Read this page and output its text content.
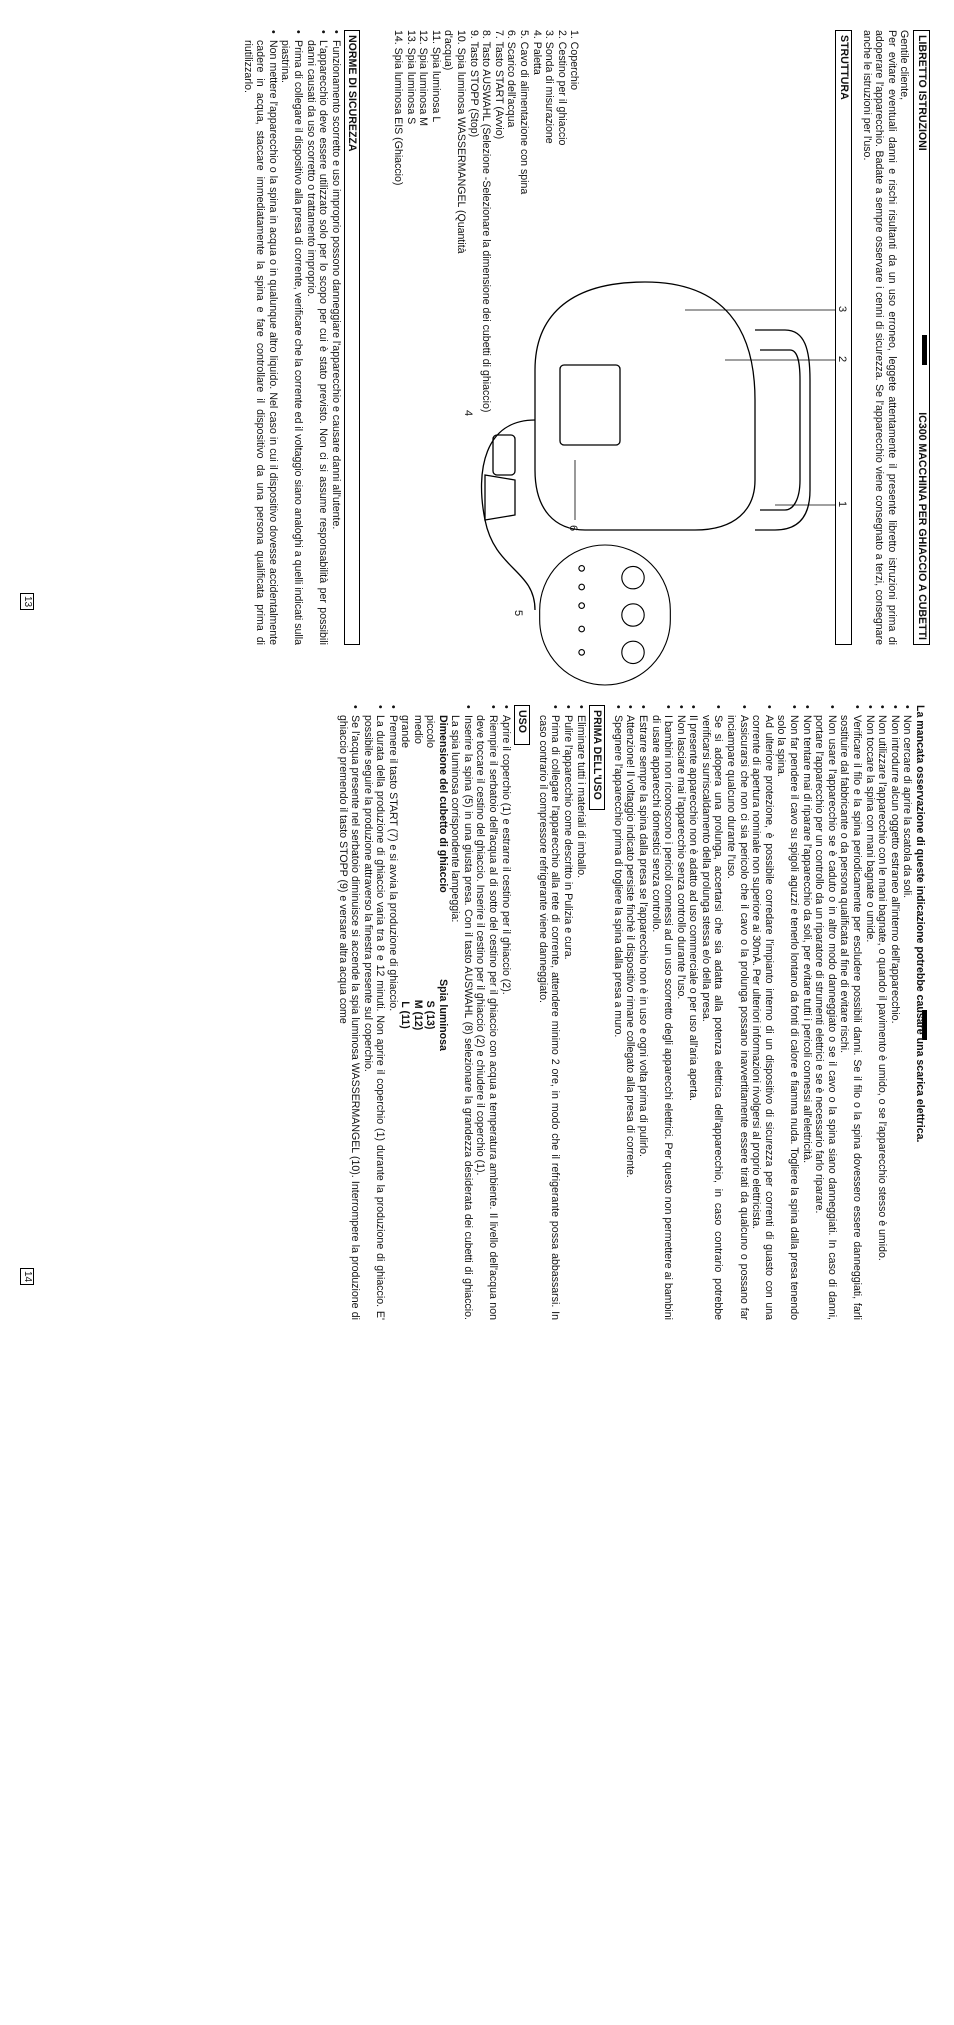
LIBRETTO ISTRUZIONI
IC300 MACCHINA PER GHIACCIO A CUBETTI

Gentile cliente,

Per evitare eventuali danni e rischi risultanti da un uso erroneo, leggete attentamente il presente libretto istruzioni prima di adoperare l'apparecchio. Badate a sempre osservare i cenni di sicurezza. Se l'apparecchio viene consegnato a terzi, consegnare anche le istruzioni per l'uso.

STRUTTURA
1. Coperchio
2. Cestino per il ghiaccio
3. Sonda di misurazione
4. Paletta
5. Cavo di alimentazione con spina
6. Scarico dell'acqua
7. Tasto START (Avvio)
8. Tasto AUSWAHL (Selezione -Selezionare la dimensione dei cubetti di ghiaccio)
9. Tasto STOPP (Stop)
10. Spia luminosa WASSERMANGEL (Quantità d'acqua)
11. Spia luminosa L
12. Spia luminosa M
13. Spia luminosa S
14. Spia luminosa EIS (Ghiaccio)
1
2
3
4
5
6
NORME DI SICUREZZA
• Funzionamento scorretto e uso improprio possono danneggiare l'apparecchio e causare danni all'utente.
• L'apparecchio deve essere utilizzato solo per lo scopo per cui è stato previsto. Non ci si assume responsabilità per possibili danni causati da uso scorretto o trattamento improprio.
• Prima di collegare il dispositivo alla presa di corrente, verificare che la corrente ed il voltaggio siano analoghi a quelli indicati sulla piastrina.
• Non mettere l'apparecchio o la spina in acqua o in qualunque altro liquido. Nel caso in cui il dispositivo dovesse accidentalmente cadere in acqua, staccare immediatamente la spina e fare controllare il dispositivo da una persona qualificata prima di riutilizzarlo.
13

La mancata osservazione di queste indicazione potrebbe causare una scarica elettrica.

• Non cercare di aprire la scatola da soli.
• Non introdurre alcun oggetto estraneo all'interno dell'apparecchio.
• Non utilizzare l'apparecchio con le mani bagnate, o quando il pavimento è umido, o se l'apparecchio stesso è umido.
• Non toccare la spina con mani bagnate o umide.
• Verificare il filo e la spina periodicamente per escludere possibili danni. Se il filo o la spina dovessero essere danneggiati, farli sostituire dal fabbricante o da persona qualificata al fine di evitare rischi.
• Non usare l'apparecchio se è caduto o in altro modo danneggiato o se il cavo o la spina siano danneggiati. In caso di danni, portare l'apparecchio per un controllo da un riparatore di strumenti elettrici e se è necessario farlo riparare.
• Non tentare mai di riparare l'apparecchio da soli, per evitare tutti i pericoli connessi all'elettricità.
• Non far pendere il cavo su spigoli aguzzi e tenerlo lontano da fonti di calore e fiamma nuda. Togliere la spina dalla presa tenendo solo la spina.
• Ad ulteriore protezione, è possibile corredare l'impianto interno di un dispositivo di sicurezza per correnti di guasto con una corrente di apertura nominale non superiore ai 30mA. Per ulteriori informazioni rivolgersi al proprio elettricista.
• Assicurarsi che non ci sia pericolo che il cavo o la prolunga possano inavvertitamente essere tirati da qualcuno o possano far inciampare qualcuno durante l'uso.
• Se si adopera una prolunga, accertarsi che sia adatta alla potenza elettrica dell'apparecchio, in caso contrario potrebbe verificarsi surriscaldamento della prolunga stessa e/o della presa.
• Il presente apparecchio non è adatto ad uso commerciale o per uso all'aria aperta.
• Non lasciare mai l'apparecchio senza controllo durante l'uso.
• I bambini non riconoscono i pericoli connessi ad un uso scorretto degli apparecchi elettrici. Per questo non permettere ai bambini di usare apparecchi domestici senza controllo.
• Estrarre sempre la spina dalla presa se l'apparecchio non è in uso e ogni volta prima di pulirlo.
• Attenzione! Il voltaggio indicato persiste finchè il dispositivo rimane collegato alla presa di corrente.
• Spegnere l'apparecchio prima di togliere la spina dalla presa a muro.
PRIMA DELL'USO
• Eliminare tutti i materiali di imballo.
• Pulire l'apparecchio come descritto in Pulizia e cura.
• Prima di collegare l'apparecchio alla rete di corrente, attendere minimo 2 ore, in modo che il refrigerante possa abbassarsi. In caso contrario il compressore refrigerante viene danneggiato.
USO
• Aprire il coperchio (1) e estrarre il cestino per il ghiaccio (2).
• Riempire il serbatoio dell'acqua al di sotto del cestino per il ghiaccio con acqua a temperatura ambiente. Il livello dell'acqua non deve toccare il cestino del ghiaccio. Inserire il cestino per il ghiaccio (2) e chiudere il coperchio (1).
• Inserire la spina (5) in una giusta presa. Con il tasto AUSWAHL (8) selezionare la grandezza desiderata dei cubetti di ghiaccio. La spia luminosa corrispondente lampeggia:
Dimensione del cubetto di ghiaccio
Spia luminosa
piccolo
S (13)
medio
M (12)
grande
L (11)
• Premere il tasto START (7) e si avvia la produzione di ghiaccio.
• La durata della produzione di ghiaccio varia tra 8 e 12 minuti. Non aprire il coperchio (1) durante la produzione di ghiaccio. E' possibile seguire la produzione attraverso la finestra presente sul coperchio.
• Se l'acqua presente nel serbatoio diminuisce si accende la spia luminosa WASSERMANGEL (10). Interrompere la produzione di ghiaccio premendo il tasto STOPP (9) e versare altra acqua come
14
